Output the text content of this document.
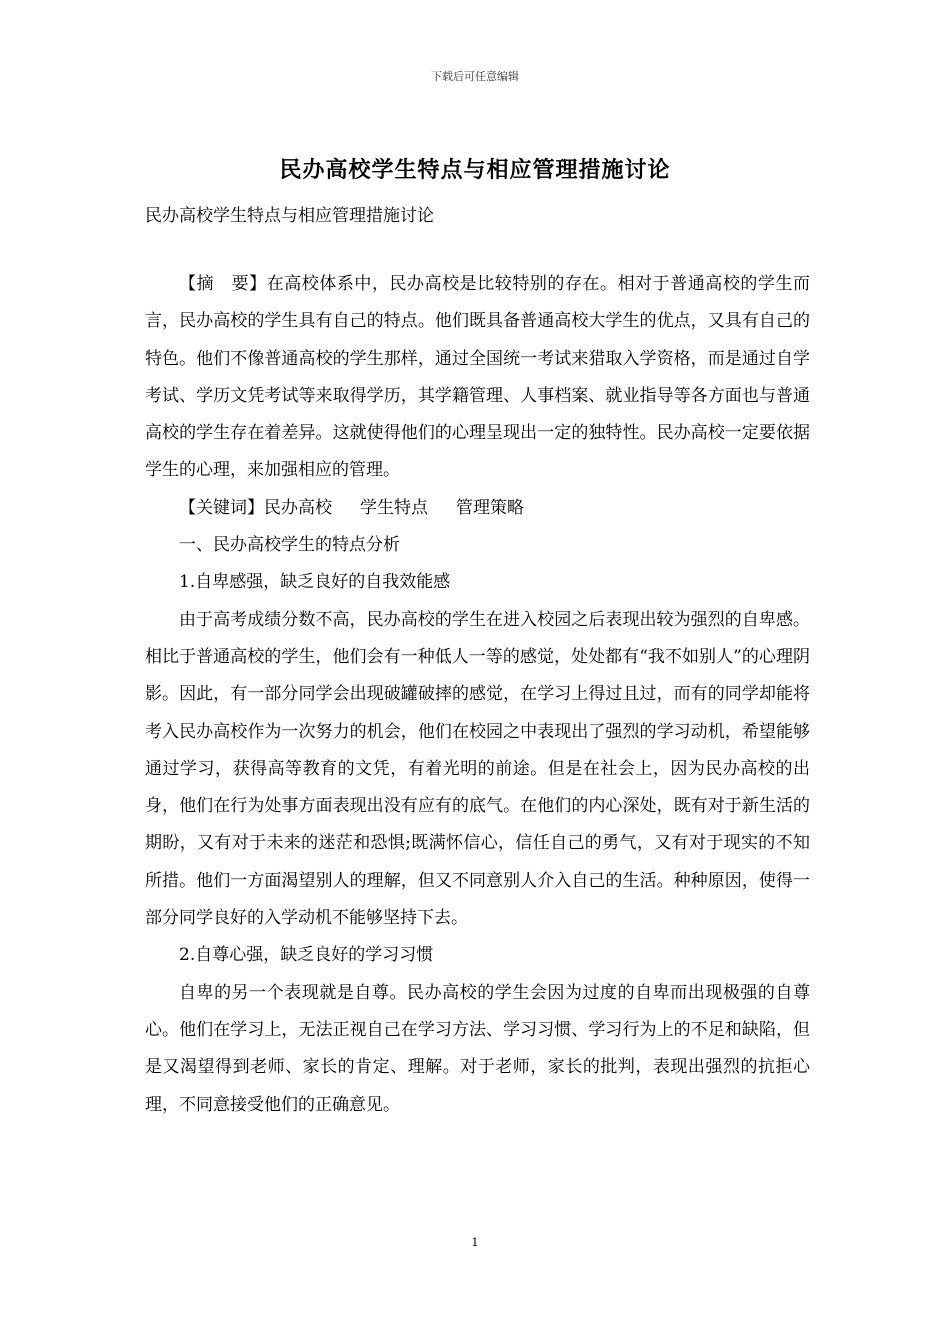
下载后可任意编辑
民办高校学生特点与相应管理措施讨论
民办高校学生特点与相应管理措施讨论

【摘　要】在高校体系中，民办高校是比较特别的存在。相对于普通高校的学生而言，民办高校的学生具有自己的特点。他们既具备普通高校大学生的优点，又具有自己的特色。他们不像普通高校的学生那样，通过全国统一考试来猎取入学资格，而是通过自学考试、学历文凭考试等来取得学历，其学籍管理、人事档案、就业指导等各方面也与普通高校的学生存在着差异。这就使得他们的心理呈现出一定的独特性。民办高校一定要依据学生的心理，来加强相应的管理。

【关键词】民办高校 学生特点 管理策略

一、民办高校学生的特点分析

1.自卑感强，缺乏良好的自我效能感

由于高考成绩分数不高，民办高校的学生在进入校园之后表现出较为强烈的自卑感。相比于普通高校的学生，他们会有一种低人一等的感觉，处处都有“我不如别人”的心理阴影。因此，有一部分同学会出现破罐破摔的感觉，在学习上得过且过，而有的同学却能将考入民办高校作为一次努力的机会，他们在校园之中表现出了强烈的学习动机，希望能够通过学习，获得高等教育的文凭，有着光明的前途。但是在社会上，因为民办高校的出身，他们在行为处事方面表现出没有应有的底气。在他们的内心深处，既有对于新生活的期盼，又有对于未来的迷茫和恐惧;既满怀信心，信任自己的勇气，又有对于现实的不知所措。他们一方面渴望别人的理解，但又不同意别人介入自己的生活。种种原因，使得一部分同学良好的入学动机不能够坚持下去。

2.自尊心强，缺乏良好的学习习惯

自卑的另一个表现就是自尊。民办高校的学生会因为过度的自卑而出现极强的自尊心。他们在学习上，无法正视自己在学习方法、学习习惯、学习行为上的不足和缺陷，但是又渴望得到老师、家长的肯定、理解。对于老师，家长的批判，表现出强烈的抗拒心理，不同意接受他们的正确意见。

1
